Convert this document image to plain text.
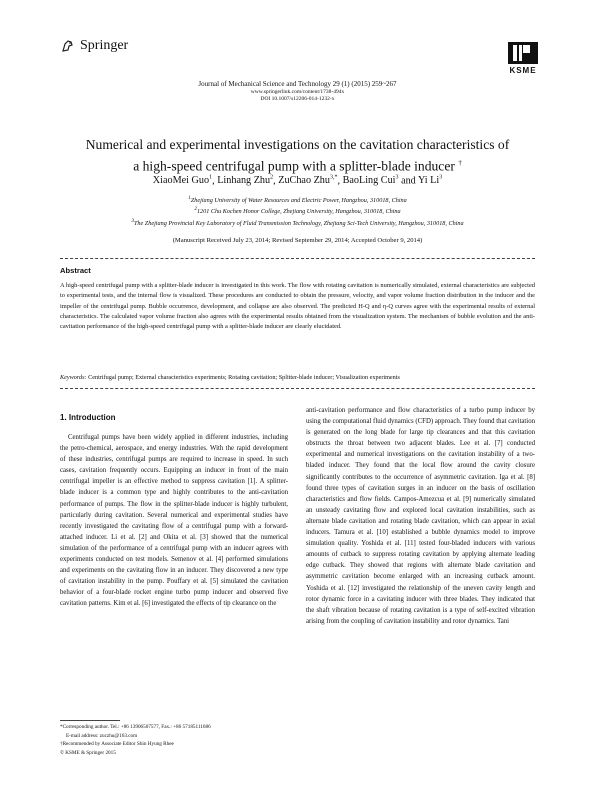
Springer
KSME
Journal of Mechanical Science and Technology 29 (1) (2015) 259~267
www.springerlink.com/content/1738-494x
DOI 10.1007/s12206-014-1232-x
Numerical and experimental investigations on the cavitation characteristics of
a high-speed centrifugal pump with a splitter-blade inducer †
XiaoMei Guo$^1$, Linhang Zhu$^2$, ZuChao Zhu$^{3,*}$, BaoLing Cui$^3$ and Yi Li$^3$
$^1$Zhejiang University of Water Resources and Electric Power, Hangzhou, 310018, China
$^2$1201 Chu Kochen Honor College, Zhejiang University, Hangzhou, 310018, China
$^3$The Zhejiang Provincial Key Laboratory of Fluid Transmission Technology, Zhejiang Sci-Tech University, Hangzhou, 310018, China
(Manuscript Received July 23, 2014; Revised September 29, 2014; Accepted October 9, 2014)
Abstract
A high-speed centrifugal pump with a splitter-blade inducer is investigated in this work. The flow with rotating cavitation is numerically simulated, external characteristics are subjected to experimental tests, and the internal flow is visualized. These procedures are conducted to obtain the pressure, velocity, and vapor volume fraction distribution in the inducer and the impeller of the centrifugal pump. Bubble occurrence, development, and collapse are also observed. The predicted H-Q and η-Q curves agree with the experimental results of external characteristics. The calculated vapor volume fraction also agrees with the experimental results obtained from the visualization system. The mechanism of bubble evolution and the anti-cavitation performance of the high-speed centrifugal pump with a splitter-blade inducer are clearly elucidated.
Keywords: Centrifugal pump; External characteristics experiments; Rotating cavitation; Splitter-blade inducer; Visualization experiments
1. Introduction
Centrifugal pumps have been widely applied in different industries, including the petro-chemical, aerospace, and energy industries. With the rapid development of these industries, centrifugal pumps are required to increase in speed. In such cases, cavitation frequently occurs. Equipping an inducer in front of the main centrifugal impeller is an effective method to suppress cavitation [1]. A splitter-blade inducer is a common type and highly contributes to the anti-cavitation performance of pumps. The flow in the splitter-blade inducer is highly turbulent, particularly during cavitation. Several numerical and experimental studies have recently investigated the cavitating flow of a centrifugal pump with a forward-attached inducer. Li et al. [2] and Okita et al. [3] showed that the numerical simulation of the performance of a centrifugal pump with an inducer agrees with experiments conducted on test models. Semenov et al. [4] performed simulations and experiments on the cavitating flow in an inducer. They discovered a new type of cavitation instability in the pump. Pouffary et al. [5] simulated the cavitation behavior of a four-blade rocket engine turbo pump inducer and observed five cavitation patterns. Kim et al. [6] investigated the effects of tip clearance on the
anti-cavitation performance and flow characteristics of a turbo pump inducer by using the computational fluid dynamics (CFD) approach. They found that cavitation is generated on the long blade for large tip clearances and that this cavitation obstructs the throat between two adjacent blades. Lee et al. [7] conducted experimental and numerical investigations on the cavitation instability of a two-bladed inducer. They found that the local flow around the cavity closure significantly contributes to the occurrence of asymmetric cavitation. Iga et al. [8] found three types of cavitation surges in an inducer on the basis of oscillation characteristics and flow fields. Campos-Amezcua et al. [9] numerically simulated an unsteady cavitating flow and explored local cavitation instabilities, such as alternate blade cavitation and rotating blade cavitation, which can appear in axial inducers. Tamura et al. [10] established a bubble dynamics model to improve simulation quality. Yoshida et al. [11] tested four-bladed inducers with various amounts of cutback to suppress rotating cavitation by applying alternate leading edge cutback. They showed that regions with alternate blade cavitation and asymmetric cavitation become enlarged with an increasing cutback amount. Yoshida et al. [12] investigated the relationship of the uneven cavity length and rotor dynamic force in a cavitating inducer with three blades. They indicated that the shaft vibration because of rotating cavitation is a type of self-excited vibration arising from the coupling of cavitation instability and rotor dynamics. Tani
*Corresponding author. Tel.: +86 13906507577, Fax.: +86 57185111686
E-mail address: zuczhu@163.com
†Recommended by Associate Editor Shin Hyung Rhee
© KSME & Springer 2015
